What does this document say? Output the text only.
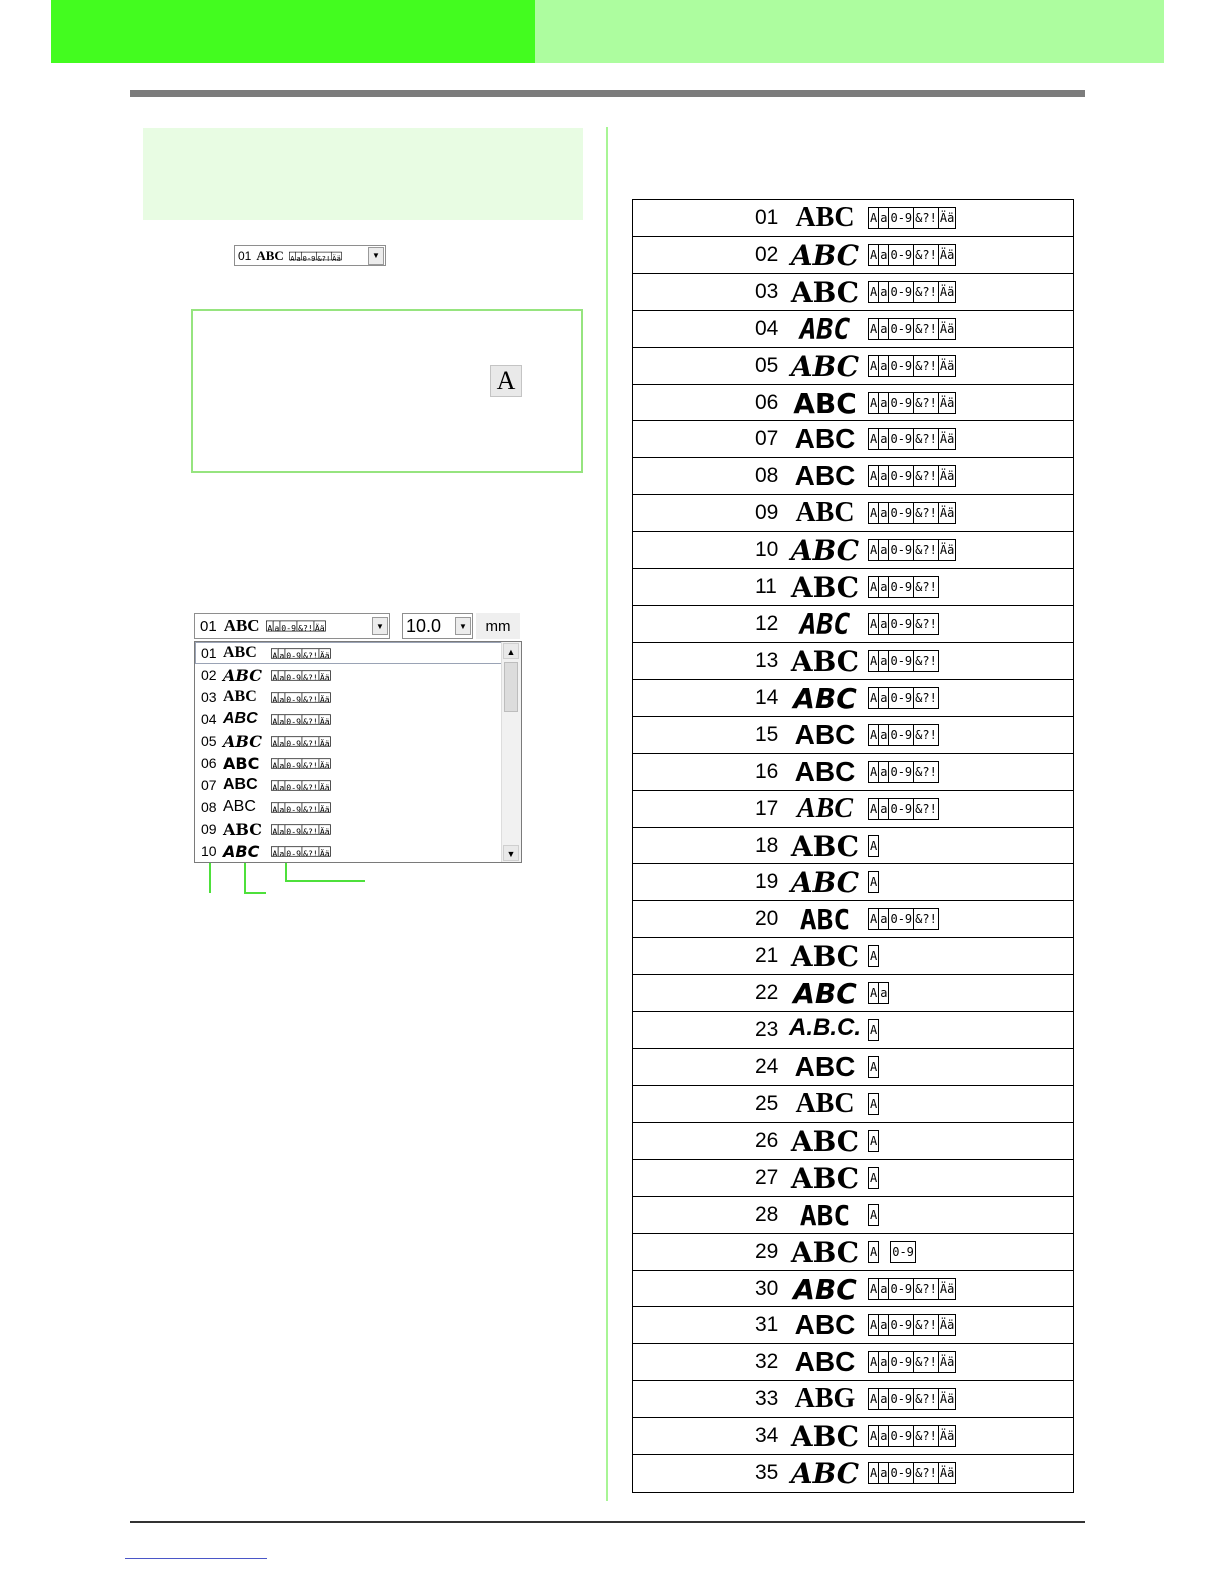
01 ABC A a 0-9 &?! Ää	▼
A
01 ABC A a 0-9 &?! Ää	▼ 10.0	▼	mm
01 ABC	A a 0-9 &?! Ää
02 ABC A a 0-9 &?! Ää
03 ABC	A a 0-9 &?! Ää
04 ABC	A a 0-9 &?! Ää
05 ABC A a 0-9 &?! Ää
06 ABC	A a 0-9 &?! Ää
07 ABC	A a 0-9 &?! Ää
08 ABC	A a 0-9 &?! Ää
09 ABC A a 0-9 &?! Ää
10 ABC	A a 0-9 &?! Ää
▲
▼
01 ABC	A a 0-9 &?! Ää
02 ABC A a 0-9 &?! Ää
03 ABC A a 0-9 &?! Ää
04 ABC	A a 0-9 &?! Ää
05 ABC A a 0-9 &?! Ää
06 ABC	A a 0-9 &?! Ää
07 ABC	A a 0-9 &?! Ää
08 ABC	A a 0-9 &?! Ää
09 ABC	A a 0-9 &?! Ää
10 ABC A a 0-9 &?! Ää
11 ABC A a 0-9 &?!
12 ABC	A a 0-9 &?!
13 ABC A a 0-9 &?!
14 ABC	A a 0-9 &?!
15 ABC	A a 0-9 &?!
16 ABC	A a 0-9 &?!
17 ABC	A a 0-9 &?!
18 ABC A
19 ABC A
20 ABC	A a 0-9 &?!
21 ABC A
22 ABC	A a
23 A.B.C. A
24 ABC	A
25 ABC	A
26 ABC A
27 ABC A
28 ABC	A
29 ABC A 0-9
30 ABC	A a 0-9 &?! Ää
31 ABC	A a 0-9 &?! Ää
32 ABC	A a 0-9 &?! Ää
33 ABG	A a 0-9 &?! Ää
34 ABC A a 0-9 &?! Ää
35 ABC A a 0-9 &?! Ää
